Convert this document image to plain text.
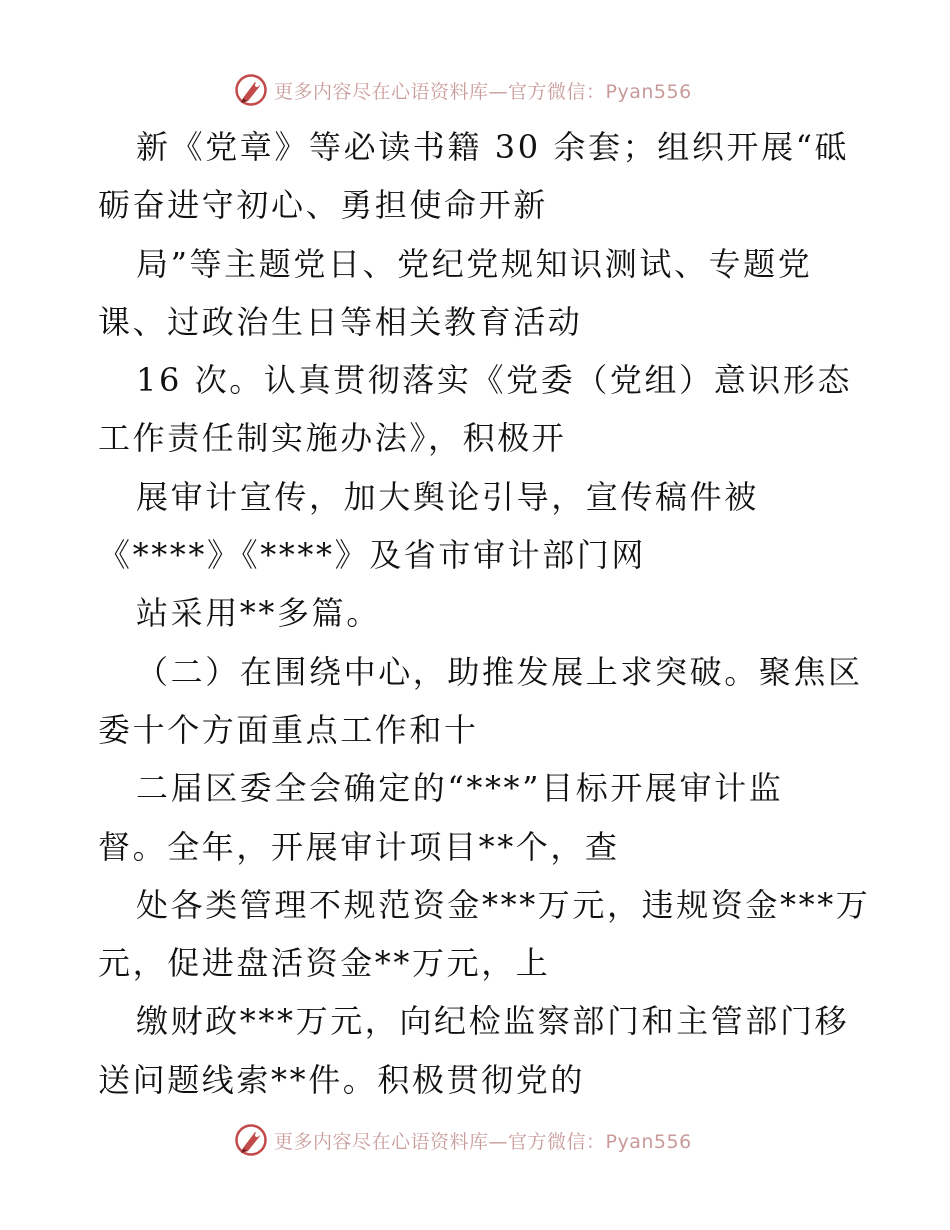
更多内容尽在心语资料库—官方微信：Pyan556
新《党章》等必读书籍 30 余套；组织开展“砥
砺奋进守初心、勇担使命开新
局”等主题党日、党纪党规知识测试、专题党
课、过政治生日等相关教育活动
16 次。认真贯彻落实《党委（党组）意识形态
工作责任制实施办法》，积极开
展审计宣传，加大舆论引导，宣传稿件被
《****》《****》及省市审计部门网
站采用**多篇。
（二）在围绕中心，助推发展上求突破。聚焦区
委十个方面重点工作和十
二届区委全会确定的“***”目标开展审计监
督。全年，开展审计项目**个，查
处各类管理不规范资金***万元，违规资金***万
元，促进盘活资金**万元，上
缴财政***万元，向纪检监察部门和主管部门移
送问题线索**件。积极贯彻党的
更多内容尽在心语资料库—官方微信：Pyan556
